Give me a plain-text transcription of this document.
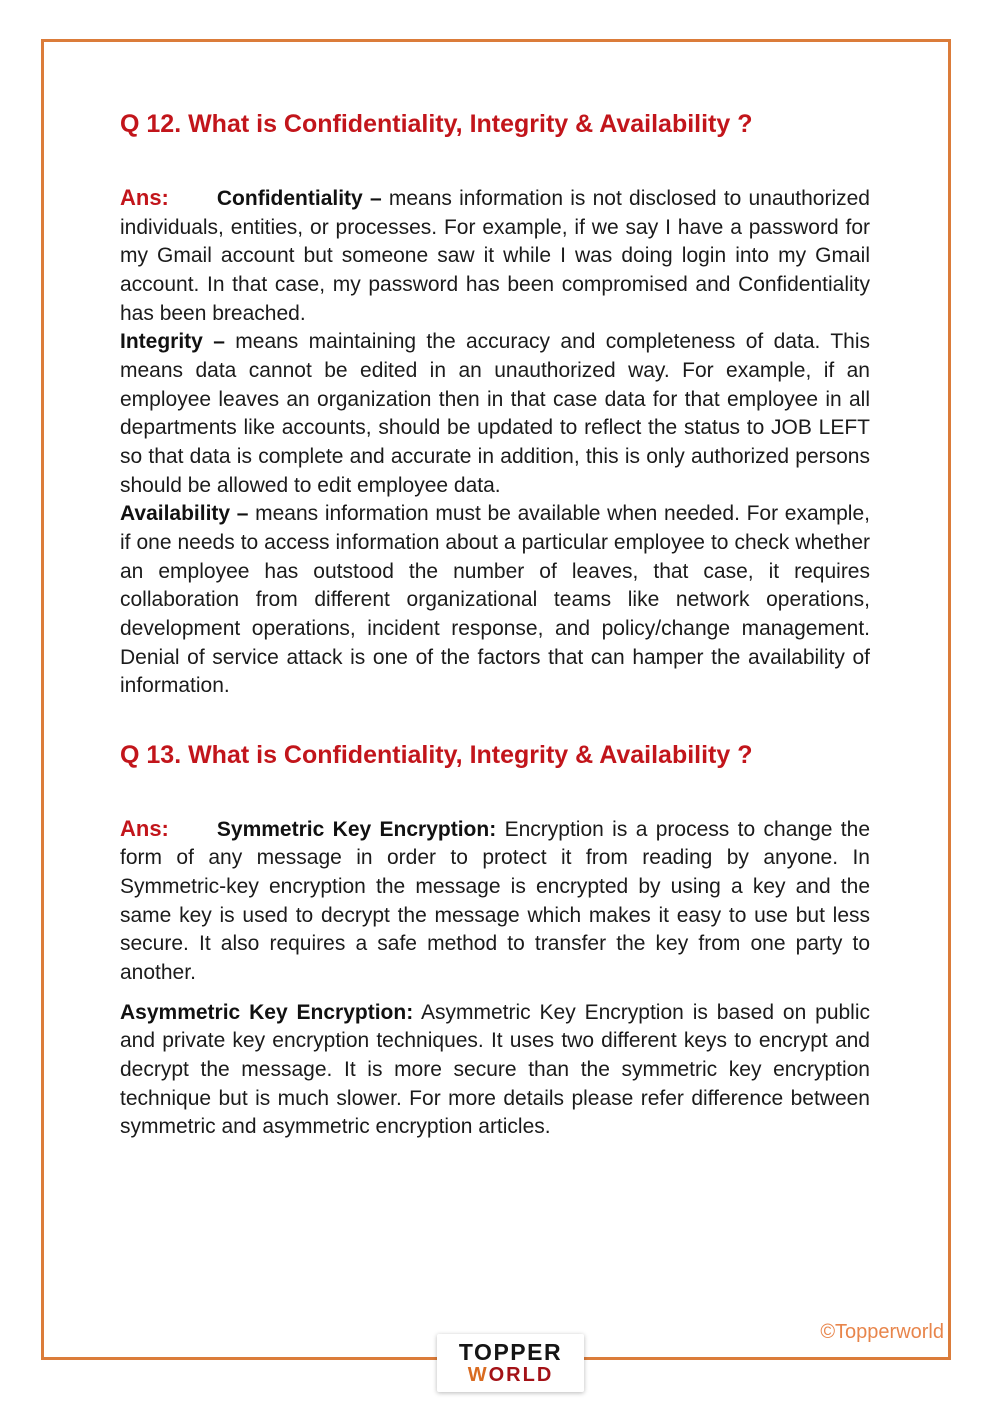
Q 12. What is Confidentiality, Integrity & Availability ?

Ans: Confidentiality – means information is not disclosed to unauthorized individuals, entities, or processes. For example, if we say I have a password for my Gmail account but someone saw it while I was doing login into my Gmail account. In that case, my password has been compromised and Confidentiality has been breached.

Integrity – means maintaining the accuracy and completeness of data. This means data cannot be edited in an unauthorized way. For example, if an employee leaves an organization then in that case data for that employee in all departments like accounts, should be updated to reflect the status to JOB LEFT so that data is complete and accurate in addition, this is only authorized persons should be allowed to edit employee data.

Availability – means information must be available when needed. For example, if one needs to access information about a particular employee to check whether an employee has outstood the number of leaves, that case, it requires collaboration from different organizational teams like network operations, development operations, incident response, and policy/change management. Denial of service attack is one of the factors that can hamper the availability of information.

Q 13. What is Confidentiality, Integrity & Availability ?

Ans: Symmetric Key Encryption: Encryption is a process to change the form of any message in order to protect it from reading by anyone. In Symmetric-key encryption the message is encrypted by using a key and the same key is used to decrypt the message which makes it easy to use but less secure. It also requires a safe method to transfer the key from one party to another.

Asymmetric Key Encryption: Asymmetric Key Encryption is based on public and private key encryption techniques. It uses two different keys to encrypt and decrypt the message. It is more secure than the symmetric key encryption technique but is much slower. For more details please refer difference between symmetric and asymmetric encryption articles.

TOPPER
WORLD
©Topperworld
